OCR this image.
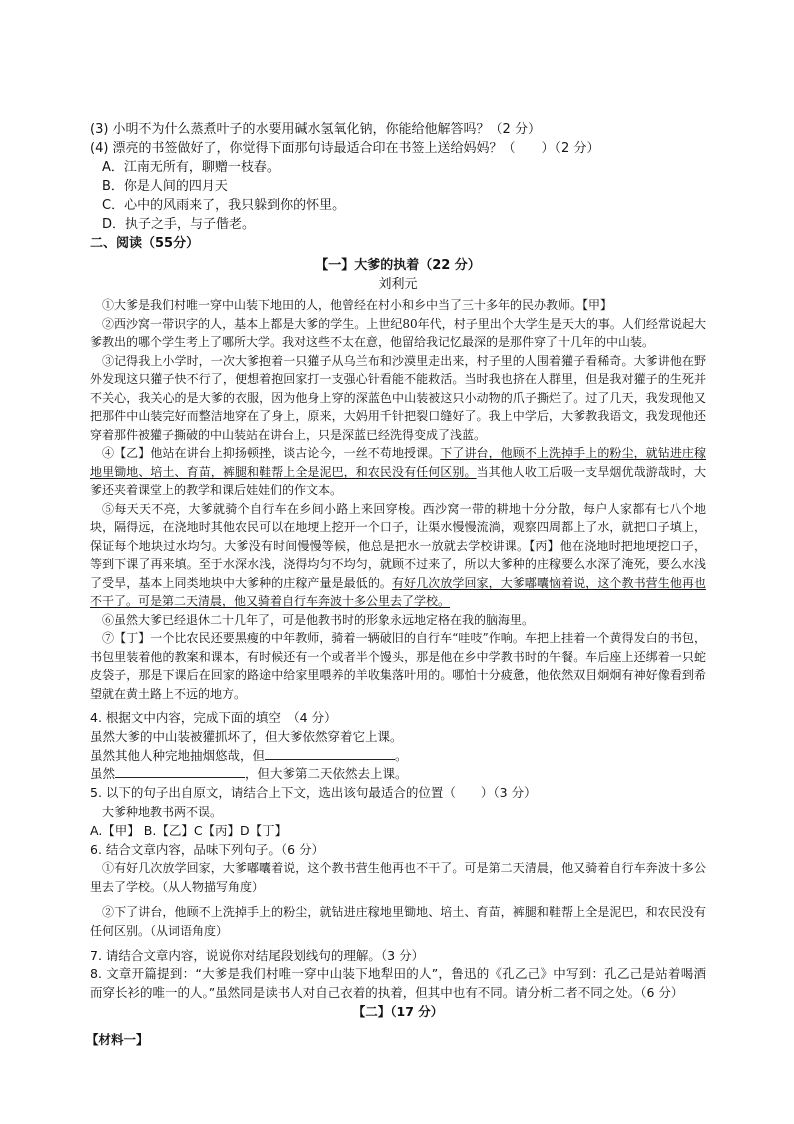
(3) 小明不为什么蒸煮叶子的水要用碱水氢氧化钠，你能给他解答吗？（2 分）

(4) 漂亮的书签做好了，你觉得下面那句诗最适合印在书签上送给妈妈？（　　）（2 分）

A．江南无所有，聊赠一枝春。

B．你是人间的四月天

C．心中的风雨来了，我只躲到你的怀里。

D．执子之手，与子偕老。

二、阅读（55分）

【一】大爹的执着（22 分）

刘利元

①大爹是我们村唯一穿中山装下地田的人，他曾经在村小和乡中当了三十多年的民办教师。【甲】

②西沙窝一带识字的人，基本上都是大爹的学生。上世纪80年代，村子里出个大学生是天大的事。人们经常说起大爹教出的哪个学生考上了哪所大学。我对这些不太在意，他留给我记忆最深的是那件穿了十几年的中山装。

③记得我上小学时，一次大爹抱着一只獾子从乌兰布和沙漠里走出来，村子里的人围着獾子看稀奇。大爹讲他在野外发现这只獾子快不行了，便想着抱回家打一支强心针看能不能救活。当时我也挤在人群里，但是我对獾子的生死并不关心，我关心的是大爹的衣服，因为他身上穿的深蓝色中山装被这只小动物的爪子撕烂了。过了几天，我发现他又把那件中山装完好而整洁地穿在了身上，原来，大妈用千针把裂口缝好了。我上中学后，大爹教我语文，我发现他还穿着那件被獾子撕破的中山装站在讲台上，只是深蓝已经洗得变成了浅蓝。

④【乙】他站在讲台上抑扬顿挫，谈古论今，一丝不苟地授课。下了讲台，他顾不上洗掉手上的粉尘，就钻进庄稼地里锄地、培土、育苗，裤腿和鞋帮上全是泥巴，和农民没有任何区别。当其他人收工后吸一支旱烟优哉游哉时，大爹还夹着课堂上的教学和课后娃娃们的作文本。

⑤每天天不亮，大爹就骑个自行车在乡间小路上来回穿梭。西沙窝一带的耕地十分分散，每户人家都有七八个地块，隔得远，在浇地时其他农民可以在地埂上挖开一个口子，让渠水慢慢流淌，观察四周都上了水，就把口子填上，保证每个地块过水均匀。大爹没有时间慢慢等候，他总是把水一放就去学校讲课。【丙】他在浇地时把地埂挖口子，等到下课了再来填。至于水深水浅，浇得均匀不均匀，就顾不过来了，所以大爹种的庄稼要么水深了淹死，要么水浅了受旱，基本上同类地块中大爹种的庄稼产量是最低的。有好几次放学回家，大爹嘟囔恼着说，这个教书营生他再也不干了。可是第二天清晨，他又骑着自行车奔波十多公里去了学校。

⑥虽然大爹已经退休二十几年了，可是他教书时的形象永远地定格在我的脑海里。

⑦【丁】一个比农民还要黑瘦的中年教师，骑着一辆破旧的自行车“哇吱”作响。车把上挂着一个黄得发白的书包，书包里装着他的教案和课本，有时候还有一个或者半个馒头，那是他在乡中学教书时的午餐。车后座上还绑着一只蛇皮袋子，那是下课后在回家的路途中给家里喂养的羊收集落叶用的。哪怕十分疲惫，他依然双目炯炯有神好像看到希望就在黄土路上不远的地方。

4. 根据文中内容，完成下面的填空　（4 分）

虽然大爹的中山装被獾抓坏了，但大爹依然穿着它上课。

虽然其他人种完地抽烟悠哉，但	。

虽然	，但大爹第二天依然去上课。

5. 以下的句子出自原文，请结合上下文，选出该句最适合的位置（　　）（3 分）

大爹种地教书两不误。

A.【甲】 B.【乙】C【丙】D【丁】

6. 结合文章内容，品味下列句子。（6 分）

①有好几次放学回家，大爹嘟囔着说，这个教书营生他再也不干了。可是第二天清晨，他又骑着自行车奔波十多公里去了学校。（从人物描写角度）

②下了讲台，他顾不上洗掉手上的粉尘，就钻进庄稼地里锄地、培土、育苗，裤腿和鞋帮上全是泥巴，和农民没有任何区别。（从词语角度）

7. 请结合文章内容，说说你对结尾段划线句的理解。（3 分）

8. 文章开篇提到：“大爹是我们村唯一穿中山装下地犁田的人”，鲁迅的《孔乙己》中写到：孔乙己是站着喝酒而穿长衫的唯一的人。”虽然同是读书人对自己衣着的执着，但其中也有不同。请分析二者不同之处。（6 分）

【二】（17 分）

【材料一】
